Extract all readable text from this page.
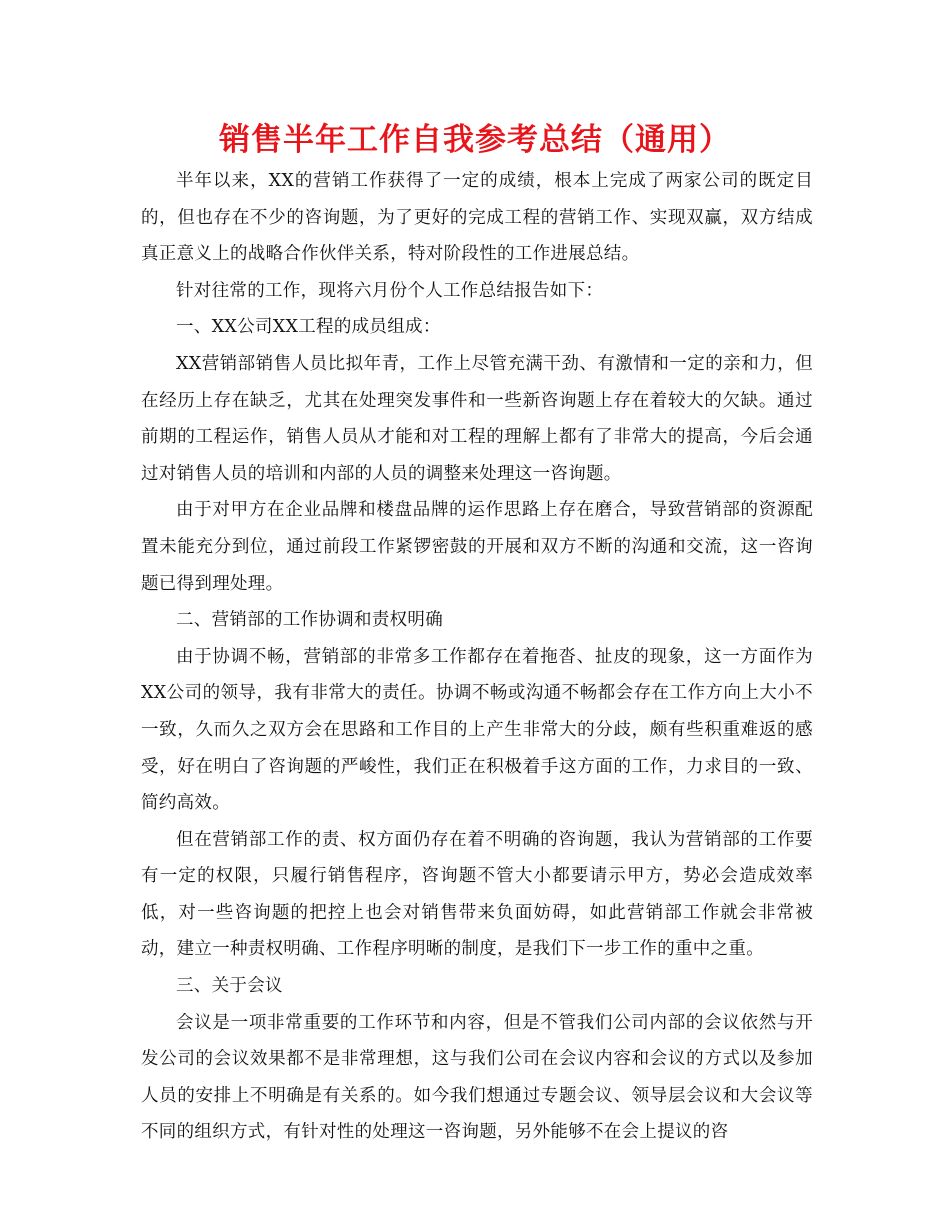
销售半年工作自我参考总结（通用）

半年以来，XX的营销工作获得了一定的成绩，根本上完成了两家公司的既定目的，但也存在不少的咨询题，为了更好的完成工程的营销工作、实现双赢，双方结成真正意义上的战略合作伙伴关系，特对阶段性的工作进展总结。

针对往常的工作，现将六月份个人工作总结报告如下：

一、XX公司XX工程的成员组成：

XX营销部销售人员比拟年青，工作上尽管充满干劲、有激情和一定的亲和力，但在经历上存在缺乏，尤其在处理突发事件和一些新咨询题上存在着较大的欠缺。通过前期的工程运作，销售人员从才能和对工程的理解上都有了非常大的提高，今后会通过对销售人员的培训和内部的人员的调整来处理这一咨询题。

由于对甲方在企业品牌和楼盘品牌的运作思路上存在磨合，导致营销部的资源配置未能充分到位，通过前段工作紧锣密鼓的开展和双方不断的沟通和交流，这一咨询题已得到理处理。

二、营销部的工作协调和责权明确

由于协调不畅，营销部的非常多工作都存在着拖沓、扯皮的现象，这一方面作为XX公司的领导，我有非常大的责任。协调不畅或沟通不畅都会存在工作方向上大小不一致，久而久之双方会在思路和工作目的上产生非常大的分歧，颇有些积重难返的感受，好在明白了咨询题的严峻性，我们正在积极着手这方面的工作，力求目的一致、简约高效。

但在营销部工作的责、权方面仍存在着不明确的咨询题，我认为营销部的工作要有一定的权限，只履行销售程序，咨询题不管大小都要请示甲方，势必会造成效率低，对一些咨询题的把控上也会对销售带来负面妨碍，如此营销部工作就会非常被动，建立一种责权明确、工作程序明晰的制度，是我们下一步工作的重中之重。

三、关于会议

会议是一项非常重要的工作环节和内容，但是不管我们公司内部的会议依然与开发公司的会议效果都不是非常理想，这与我们公司在会议内容和会议的方式以及参加人员的安排上不明确是有关系的。如今我们想通过专题会议、领导层会议和大会议等不同的组织方式，有针对性的处理这一咨询题，另外能够不在会上提议的咨
